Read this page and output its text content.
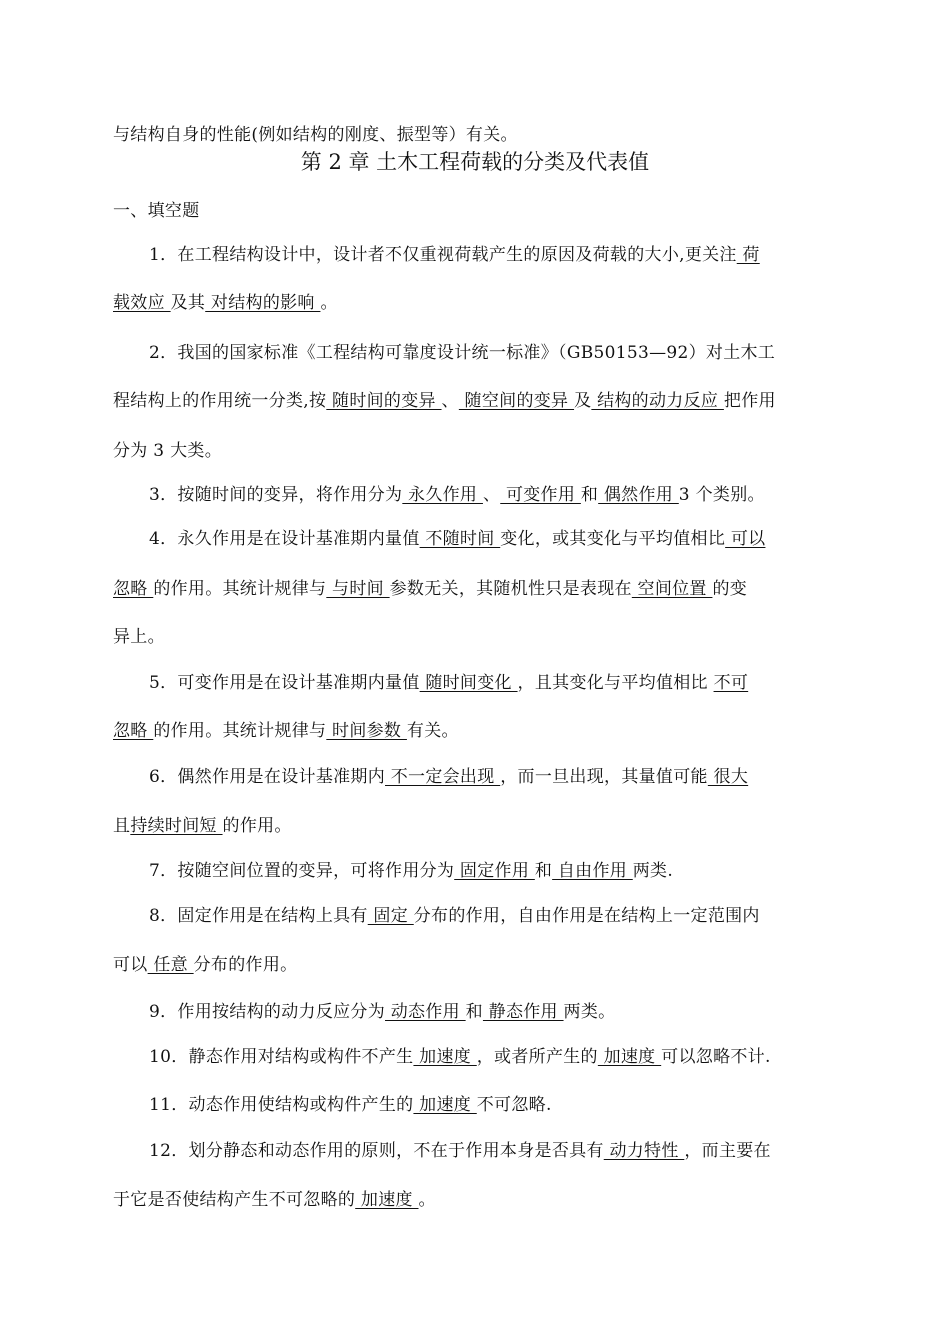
与结构自身的性能(例如结构的刚度、振型等）有关。
第 2 章 土木工程荷载的分类及代表值
一、填空题
1．在工程结构设计中，设计者不仅重视荷载产生的原因及荷载的大小,更关注 荷
载效应 及其 对结构的影响 。
2．我国的国家标准《工程结构可靠度设计统一标准》（GB50153—92）对土木工
程结构上的作用统一分类,按 随时间的变异 、 随空间的变异 及 结构的动力反应 把作用
分为 3 大类。
3．按随时间的变异，将作用分为 永久作用 、 可变作用 和 偶然作用 3 个类别。
4．永久作用是在设计基准期内量值 不随时间 变化，或其变化与平均值相比 可以
忽略 的作用。其统计规律与 与时间 参数无关，其随机性只是表现在 空间位置 的变
异上。
5．可变作用是在设计基准期内量值 随时间变化 ，且其变化与平均值相比 不可
忽略 的作用。其统计规律与 时间参数 有关。
6．偶然作用是在设计基准期内 不一定会出现 ，而一旦出现，其量值可能 很大
且持续时间短 的作用。
7．按随空间位置的变异，可将作用分为 固定作用 和 自由作用 两类.
8．固定作用是在结构上具有 固定 分布的作用，自由作用是在结构上一定范围内
可以 任意 分布的作用。
9．作用按结构的动力反应分为 动态作用 和 静态作用 两类。
10．静态作用对结构或构件不产生 加速度 ，或者所产生的 加速度 可以忽略不计.
11．动态作用使结构或构件产生的 加速度 不可忽略.
12．划分静态和动态作用的原则，不在于作用本身是否具有 动力特性 ，而主要在
于它是否使结构产生不可忽略的 加速度 。
